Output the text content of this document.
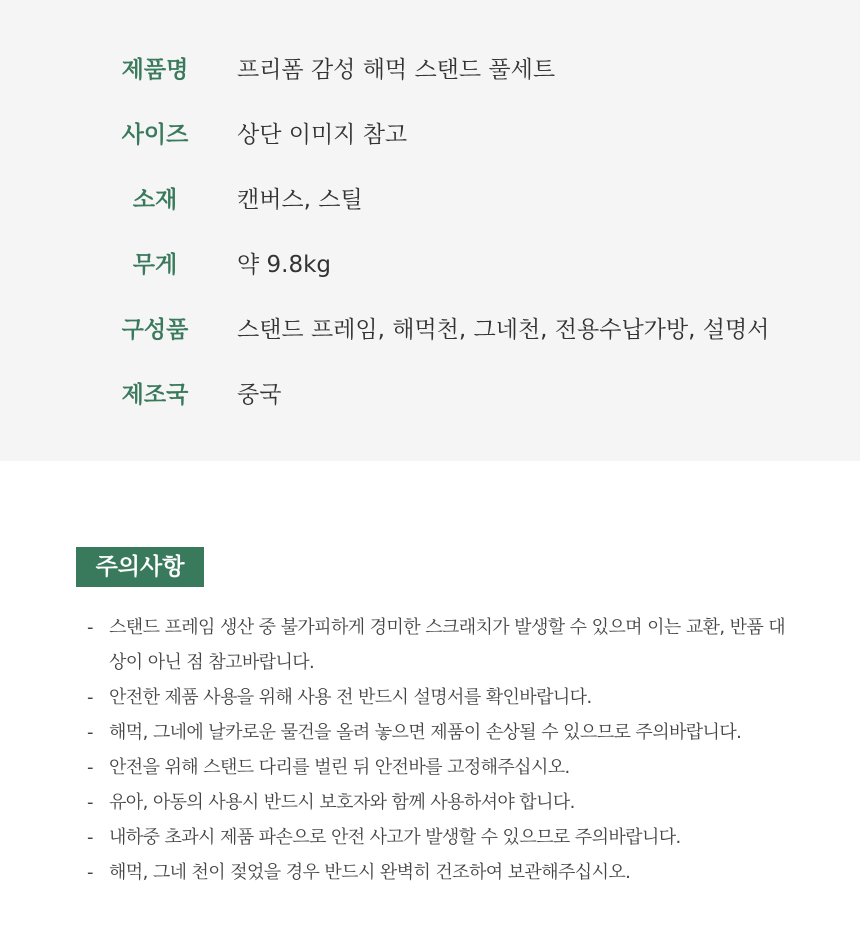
제품명	프리폼 감성 해먹 스탠드 풀세트
사이즈	상단 이미지 참고
소재	캔버스, 스틸
무게	약 9.8kg
구성품	스탠드 프레임, 해먹천, 그네천, 전용수납가방, 설명서
제조국	중국
주의사항
- 스탠드 프레임 생산 중 불가피하게 경미한 스크래치가 발생할 수 있으며 이는 교환, 반품 대상이 아닌 점 참고바랍니다.
- 안전한 제품 사용을 위해 사용 전 반드시 설명서를 확인바랍니다.
- 해먹, 그네에 날카로운 물건을 올려 놓으면 제품이 손상될 수 있으므로 주의바랍니다.
- 안전을 위해 스탠드 다리를 벌린 뒤 안전바를 고정해주십시오.
- 유아, 아동의 사용시 반드시 보호자와 함께 사용하셔야 합니다.
- 내하중 초과시 제품 파손으로 안전 사고가 발생할 수 있으므로 주의바랍니다.
- 해먹, 그네 천이 젖었을 경우 반드시 완벽히 건조하여 보관해주십시오.
